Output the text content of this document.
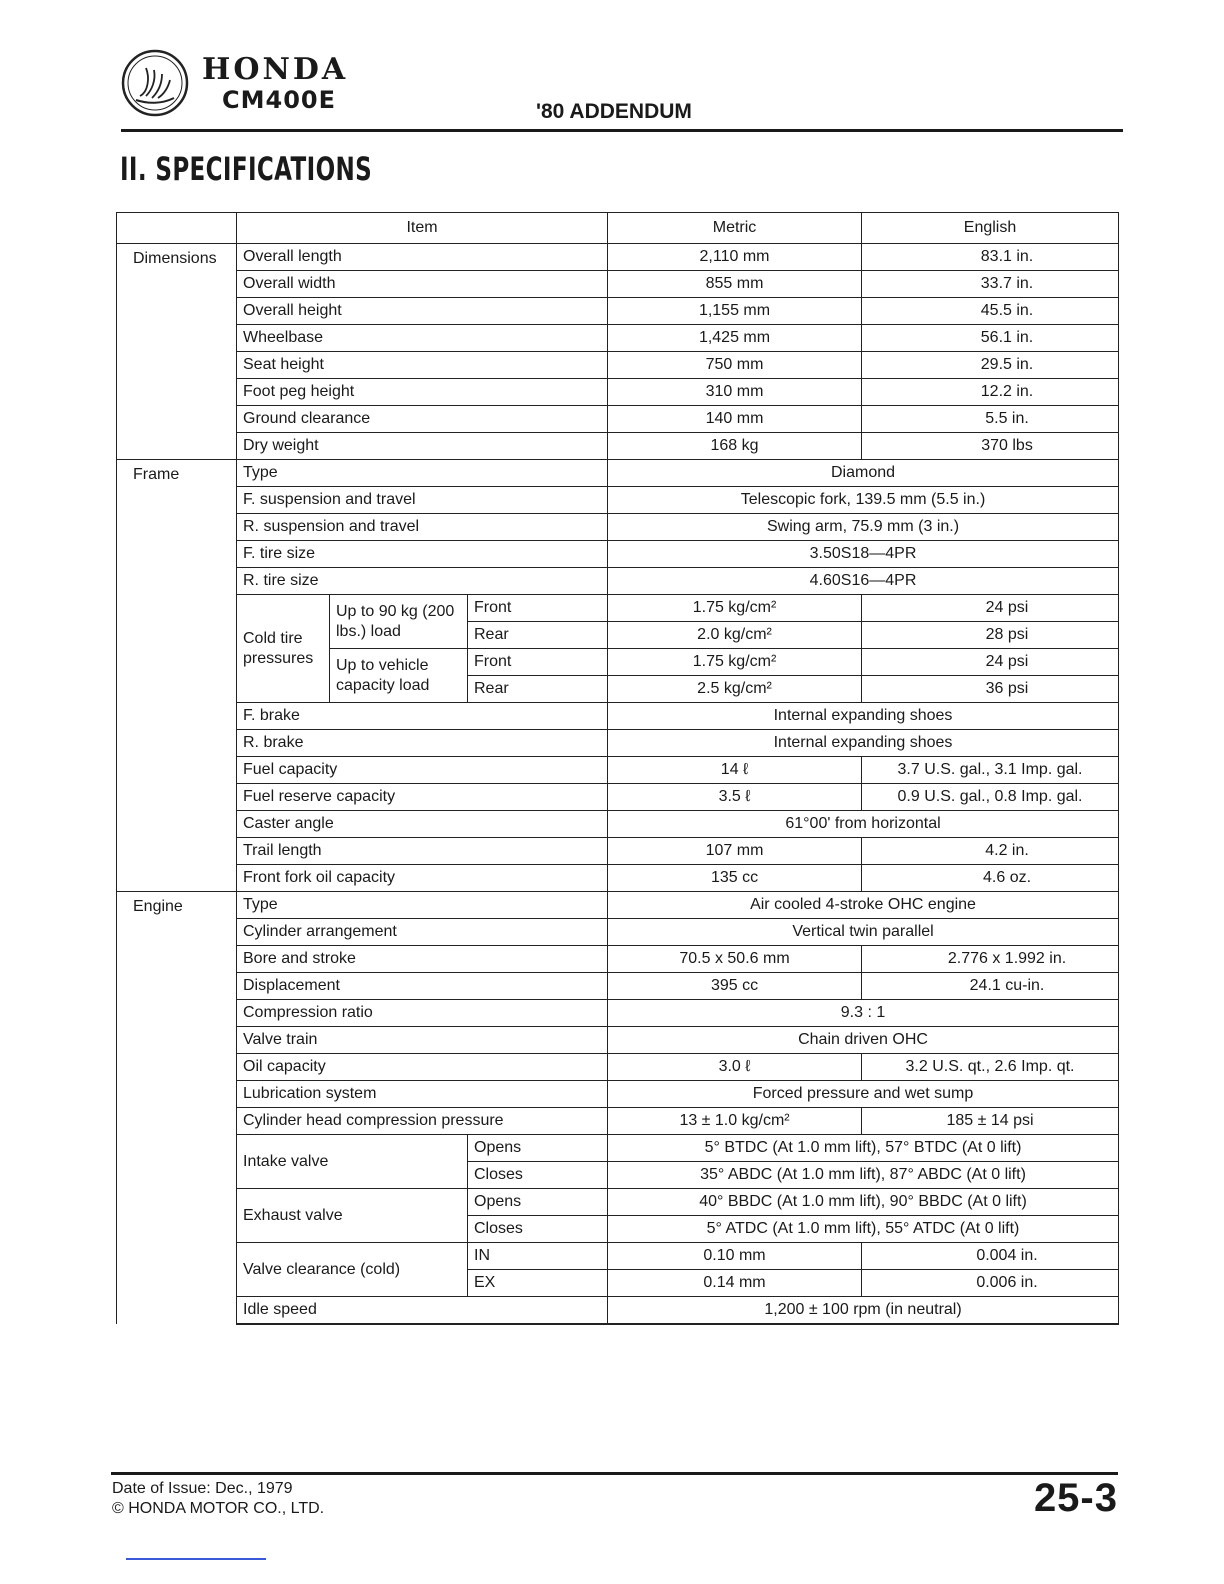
HONDA
CM400E	'80 ADDENDUM
II. SPECIFICATIONS
	Item			Metric	English
Dimensions	Overall length			2,110 mm	83.1 in.
	Overall width			855 mm	33.7 in.
	Overall height			1,155 mm	45.5 in.
	Wheelbase			1,425 mm	56.1 in.
	Seat height			750 mm	29.5 in.
	Foot peg height			310 mm	12.2 in.
	Ground clearance			140 mm	5.5 in.
	Dry weight			168 kg	370 lbs
Frame	Type			Diamond	
	F. suspension and travel			Telescopic fork, 139.5 mm (5.5 in.)	
	R. suspension and travel			Swing arm, 75.9 mm (3 in.)	
	F. tire size			3.50S18—4PR	
	R. tire size			4.60S16—4PR	
	Cold tire pressures	Up to 90 kg (200 lbs.) load	Front	1.75 kg/cm²	24 psi
			Rear	2.0 kg/cm²	28 psi
		Up to vehicle capacity load	Front	1.75 kg/cm²	24 psi
			Rear	2.5 kg/cm²	36 psi
	F. brake			Internal expanding shoes	
	R. brake			Internal expanding shoes	
	Fuel capacity			14 ℓ	3.7 U.S. gal., 3.1 Imp. gal.
	Fuel reserve capacity			3.5 ℓ	0.9 U.S. gal., 0.8 Imp. gal.
	Caster angle			61°00' from horizontal	
	Trail length			107 mm	4.2 in.
	Front fork oil capacity			135 cc	4.6 oz.
Engine	Type			Air cooled 4-stroke OHC engine	
	Cylinder arrangement			Vertical twin parallel	
	Bore and stroke			70.5 x 50.6 mm	2.776 x 1.992 in.
	Displacement			395 cc	24.1 cu-in.
	Compression ratio			9.3 : 1	
	Valve train			Chain driven OHC	
	Oil capacity			3.0 ℓ	3.2 U.S. qt., 2.6 Imp. qt.
	Lubrication system			Forced pressure and wet sump	
	Cylinder head compression pressure			13 ± 1.0 kg/cm²	185 ± 14 psi
	Intake valve		Opens	5° BTDC (At 1.0 mm lift), 57° BTDC (At 0 lift)	
			Closes	35° ABDC (At 1.0 mm lift), 87° ABDC (At 0 lift)	
	Exhaust valve		Opens	40° BBDC (At 1.0 mm lift), 90° BBDC (At 0 lift)	
			Closes	5° ATDC (At 1.0 mm lift), 55° ATDC (At 0 lift)	
	Valve clearance (cold)		IN	0.10 mm	0.004 in.
			EX	0.14 mm	0.006 in.
	Idle speed			1,200 ± 100 rpm (in neutral)	
Date of Issue: Dec., 1979
© HONDA MOTOR CO., LTD.	25-3
